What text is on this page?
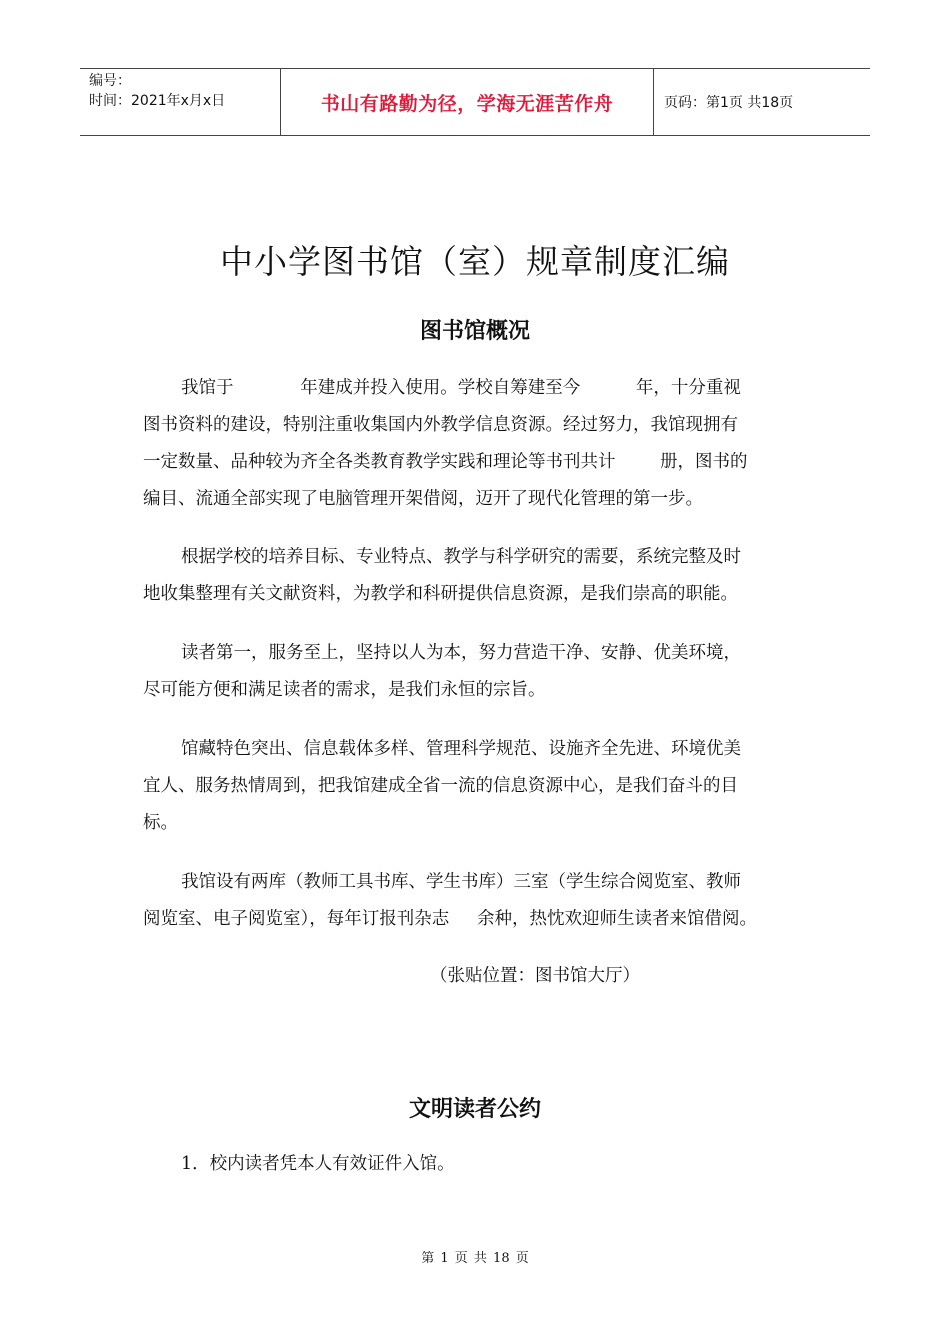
编号：
时间：2021年x月x日	书山有路勤为径，学海无涯苦作舟	页码：第1页 共18页
中小学图书馆（室）规章制度汇编
图书馆概况

我馆于            年建成并投入使用。学校自筹建至今          年，十分重视
图书资料的建设，特别注重收集国内外教学信息资源。经过努力，我馆现拥有
一定数量、品种较为齐全各类教育教学实践和理论等书刊共计        册，图书的
编目、流通全部实现了电脑管理开架借阅，迈开了现代化管理的第一步。

根据学校的培养目标、专业特点、教学与科学研究的需要，系统完整及时
地收集整理有关文献资料，为教学和科研提供信息资源，是我们崇高的职能。

读者第一，服务至上，坚持以人为本，努力营造干净、安静、优美环境，
尽可能方便和满足读者的需求，是我们永恒的宗旨。

馆藏特色突出、信息载体多样、管理科学规范、设施齐全先进、环境优美
宜人、服务热情周到，把我馆建成全省一流的信息资源中心，是我们奋斗的目
标。

我馆设有两库（教师工具书库、学生书库）三室（学生综合阅览室、教师
阅览室、电子阅览室），每年订报刊杂志     余种，热忱欢迎师生读者来馆借阅。

（张贴位置：图书馆大厅）

文明读者公约

1．校内读者凭本人有效证件入馆。

第 1 页 共 18 页
